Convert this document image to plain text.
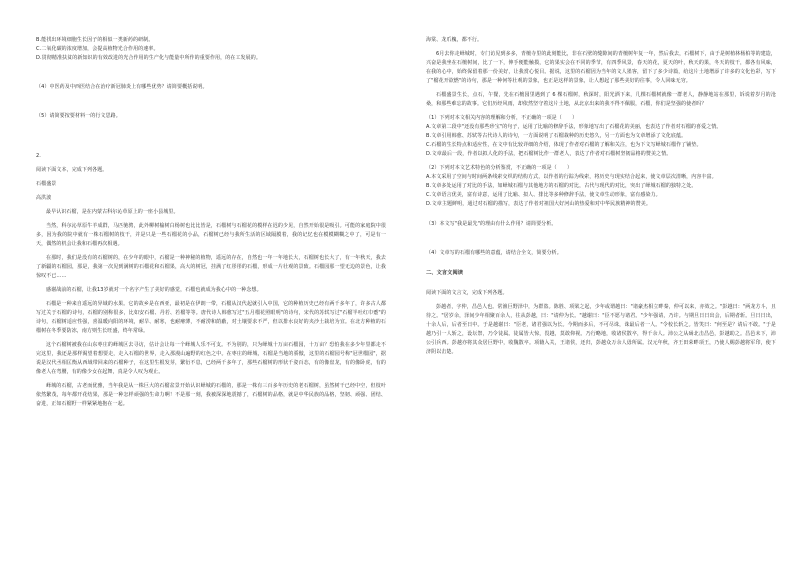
B.能找出环境细胞生长因子的相似一类新药的研制。

C.二氧化碳的浓度增加，会提高植物光合作用的速率。

D.贯彻精准扶贫的新知识的有效改进的光合作用的生产化与能量中所作的重要作用，的在工发展的。

（4）中医药及中西医结合在治疗新冠肺炎上有哪些优势？请简要概括说明。

（5）请简要按要材料一的行文思路。

2.

阅读下面文本，完成下列各题。

石榴盛景

高洪波

最早认识石榴，是在内蒙古科尔沁草原上的一座小县城里。

当然，科尔沁草原牛羊成群，马匹驰骋，此外柳树榆树白杨树也比比皆是，石榴树与石榴花的模样在迟的少见，自然开始很是吸引。可能的家庭院中很多，因为我的院中就有一株石榴树的枝干，并是只是一些石榴花的小品，石榴树已经与我所生活的区域隔膜着，我的记忆也在模模糊糊之中了，可是有一天，偶然的机会让我和石榴再次相遇。

在那时，我们是没有的石榴树的，在少年的眼中，石榴是一种神秘的植物，遥远的存在，自然也一年一年地长大，石榴树也长大了，有一年秋天，我去了新疆的石榴园，那是，我第一次见到满树的石榴花和石榴果，高大的树冠，挂满了红彤彤的石榴，形成一片壮观的景致。石榴园那一望无边的景色，让我惊叹不已……

感谢战前的石榴，让我13岁就对一个名字产生了美好的感觉，石榴也就成为我心中的一种念想。

石榴是一种来自遥远的异域的水果。它的故乡是在西亚，最初是在伊朗一带，石榴从汉代起就引入中国，它的种植历史已经有两千多年了，许多古人都写过关于石榴的诗句，石榴的别称很多，比如安石榴、丹若、若榴等等。唐代诗人韩愈写过"五月榴花照眼明"的诗句，宋代的苏轼写过"石榴半吐红巾蹙"的诗句，石榴树适应性强，喜温暖向阳的环境，耐旱、耐寒，也耐瘠薄，不耐涝和荫蔽，对土壤要求不严，但以排水良好的夹沙土栽培为宜。在北方种植的石榴树在冬季要防冻，南方则生长旺盛，终年常绿。

这个石榴树被我在山东枣庄的峄城区去寻访，估计会让每一个峄城人乐不可支。不为别的，只为峄城十万亩石榴园，十万亩？恐怕我在多少年里都走不完这里，我还是那样渴望着想要走，走入石榴的世界，走入那漫山遍野的红色之中。在枣庄的峄城，石榴是当地的骄傲，这里的石榴园号称"冠世榴园"，据说是汉代丞相匡衡从西域带回来的石榴种子，在这里生根发芽，繁衍不息，已经两千多年了，那些石榴树的形状千姿百态，有的像盘龙，有的像卧虎，有的像老人在弯腰，有的像少女在起舞，真是令人叹为观止。

峄城的石榴，古老而优雅，当年我是从一株巨大的石榴盆景开始认识峄城的石榴的，那是一株有三百多年历史的老石榴树，虽然树干已经中空，但枝叶依然繁茂，每年都开花结果，那是一种怎样顽强的生命力啊！不是那一刻，我被深深地震撼了，石榴树的品格，就是中华民族的品格，坚韧、顽强、团结、奋进，正如石榴籽一样紧紧地抱在一起。

海棠、龙爪槐，都不行。

6月去你走峄城时，专门访见到多多，青檀寺里的此刻能比，非在石壁的缝隙间的青檀树年复一年，然后我去，石榴树下，由于是树植林杨柏等的建造，兴奋是我坐在石檀树间，比了一下，伸手便能触摸，它的果实会在不同的季节，有四季风景，春天的花，夏天的叶，秋天的果，冬天的枝干，都各有风味，在我的心中，始终保留着那一份美好，让我赏心悦目。据说，这里的石榴因为当年的文人墨客，留下了多少诗篇，给这片土地增添了许多的文化色彩，写下了"榴花开欲燃"的诗句，那是一种何等壮观的景象，也正是这样的景象，让人想起了那些美好的往事，令人回味无穷。

石榴盛景生长，点石，午餐，先在石檀园里遇到了 6 棵石榴树，秋深时，阳光洒下来，几棵石榴树就像一群老人，静静地站在那里，诉说着岁月的沧桑，和那些难忘的故事。它们历经风雨，却依然坚守着这片土地，从北京出来的我不得不佩服，石榴，你们是坚强的使者吗？

（1）下列对本文相关内容的理解和分析，不正确的一项是（　　）

A.文章第二段中"还没有那些珍宝"的句子，运用了比喻的修辞手法，形象地写出了石榴花的美丽，也表达了作者对石榴的喜爱之情。

B.文章引用韩愈、苏轼等古代诗人的诗句，一方面说明了石榴栽种的历史悠久，另一方面也为文章增添了文化底蕴。

C.石榴的生长特点和适应性，在文中有比较详细的介绍，体现了作者对石榴的了解和关注，也为下文写峄城石榴作了铺垫。

D.文章最后一段，作者以拟人化的手法，把石榴树比作一群老人，表达了作者对石榴树坚韧品格的赞美之情。

（2）下列对本文艺术特色的分析鉴赏，不正确的一项是（　　）

A.本文采用了空间与时间两条线索交织的结构方式，以作者的行踪为线索，将历史与现实结合起来，使文章层次清晰，内容丰富。

B.文章多处运用了对比的手法，如峄城石榴与其他地方的石榴的对比，古代与现代的对比，突出了峄城石榴的独特之处。

C.文章语言优美，富有诗意，运用了比喻、拟人、排比等多种修辞手法，使文章生动形象，富有感染力。

D.文章主题鲜明，通过对石榴的描写，表达了作者对祖国大好河山的热爱和对中华民族精神的赞美。

（3）本文写"我是最先"的理由有什么作用？请简要分析。

（4）文章写的石榴有哪些的意蕴，请结合全文，简要分析。

二、文言文阅读

阅读下面的文言文，完成下列各题。

彭越者，字仲，昌邑人也。常渔巨野泽中，为群盗。陈胜、项梁之起，少年或谓越曰："诸豪杰相立畔秦，仲可以来，亦效之。"彭越曰："两龙方斗，且待之。"居岁余，泽间少年相聚百余人，往从彭越，曰："请仲为长。"越谢曰："臣不愿与诸君。"少年强请，乃许。与期旦日日出会，后期者斩。旦日日出，十余人后，后者至日中。于是越谢曰："臣老，诸君强以为长。今期而多后，不可尽诛，诛最后者一人。"令校长斩之。皆笑曰："何至是？请后不敢。"于是越乃引一人斩之，设坛祭，乃令徒属。徒属皆大惊，畏越，莫敢仰视。乃行略地，收诸侯散卒，得千余人。沛公之从砀北击昌邑，彭越助之。昌邑未下，沛公引兵西。彭越亦将其众居巨野中，收魏散卒。项籍入关，王诸侯，还归，彭越众万余人毋所属。汉元年秋，齐王田荣畔项王，乃使人赐彭越将军印，使下济阴以击楚。
